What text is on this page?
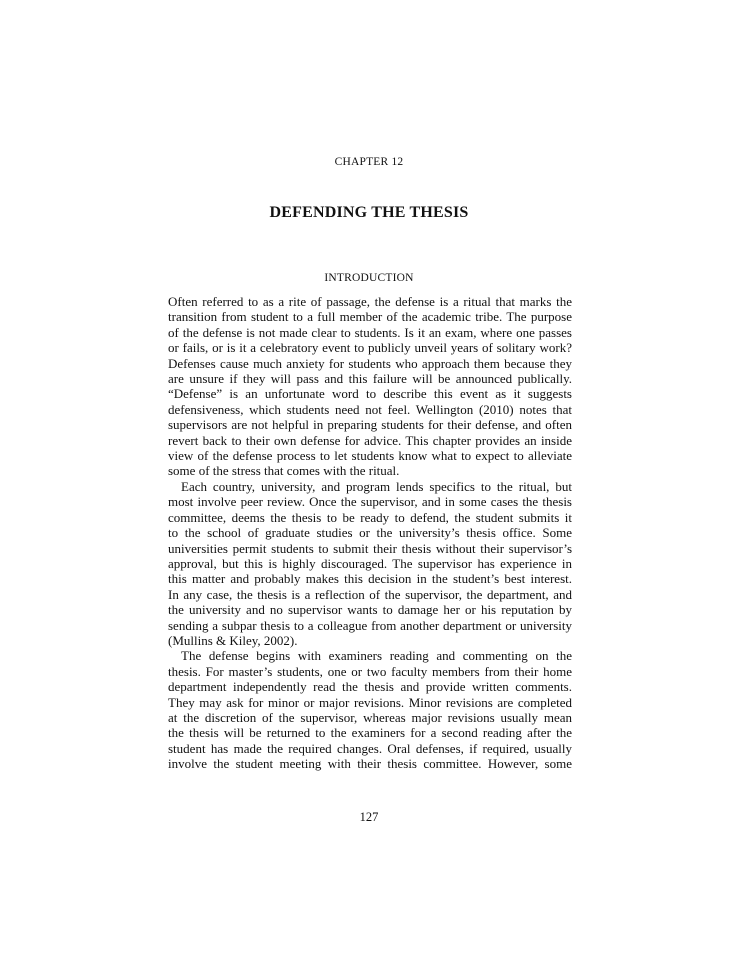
CHAPTER 12
DEFENDING THE THESIS
INTRODUCTION

Often referred to as a rite of passage, the defense is a ritual that marks the
transition from student to a full member of the academic tribe. The purpose
of the defense is not made clear to students. Is it an exam, where one passes
or fails, or is it a celebratory event to publicly unveil years of solitary work?
Defenses cause much anxiety for students who approach them because they
are unsure if they will pass and this failure will be announced publically.
“Defense” is an unfortunate word to describe this event as it suggests
defensiveness, which students need not feel. Wellington (2010) notes that
supervisors are not helpful in preparing students for their defense, and often
revert back to their own defense for advice. This chapter provides an inside
view of the defense process to let students know what to expect to alleviate
some of the stress that comes with the ritual.

Each country, university, and program lends specifics to the ritual, but
most involve peer review. Once the supervisor, and in some cases the thesis
committee, deems the thesis to be ready to defend, the student submits it
to the school of graduate studies or the university’s thesis office. Some
universities permit students to submit their thesis without their supervisor’s
approval, but this is highly discouraged. The supervisor has experience in
this matter and probably makes this decision in the student’s best interest.
In any case, the thesis is a reflection of the supervisor, the department, and
the university and no supervisor wants to damage her or his reputation by
sending a subpar thesis to a colleague from another department or university
(Mullins & Kiley, 2002).

The defense begins with examiners reading and commenting on the
thesis. For master’s students, one or two faculty members from their home
department independently read the thesis and provide written comments.
They may ask for minor or major revisions. Minor revisions are completed
at the discretion of the supervisor, whereas major revisions usually mean
the thesis will be returned to the examiners for a second reading after the
student has made the required changes. Oral defenses, if required, usually
involve the student meeting with their thesis committee. However, some

127
